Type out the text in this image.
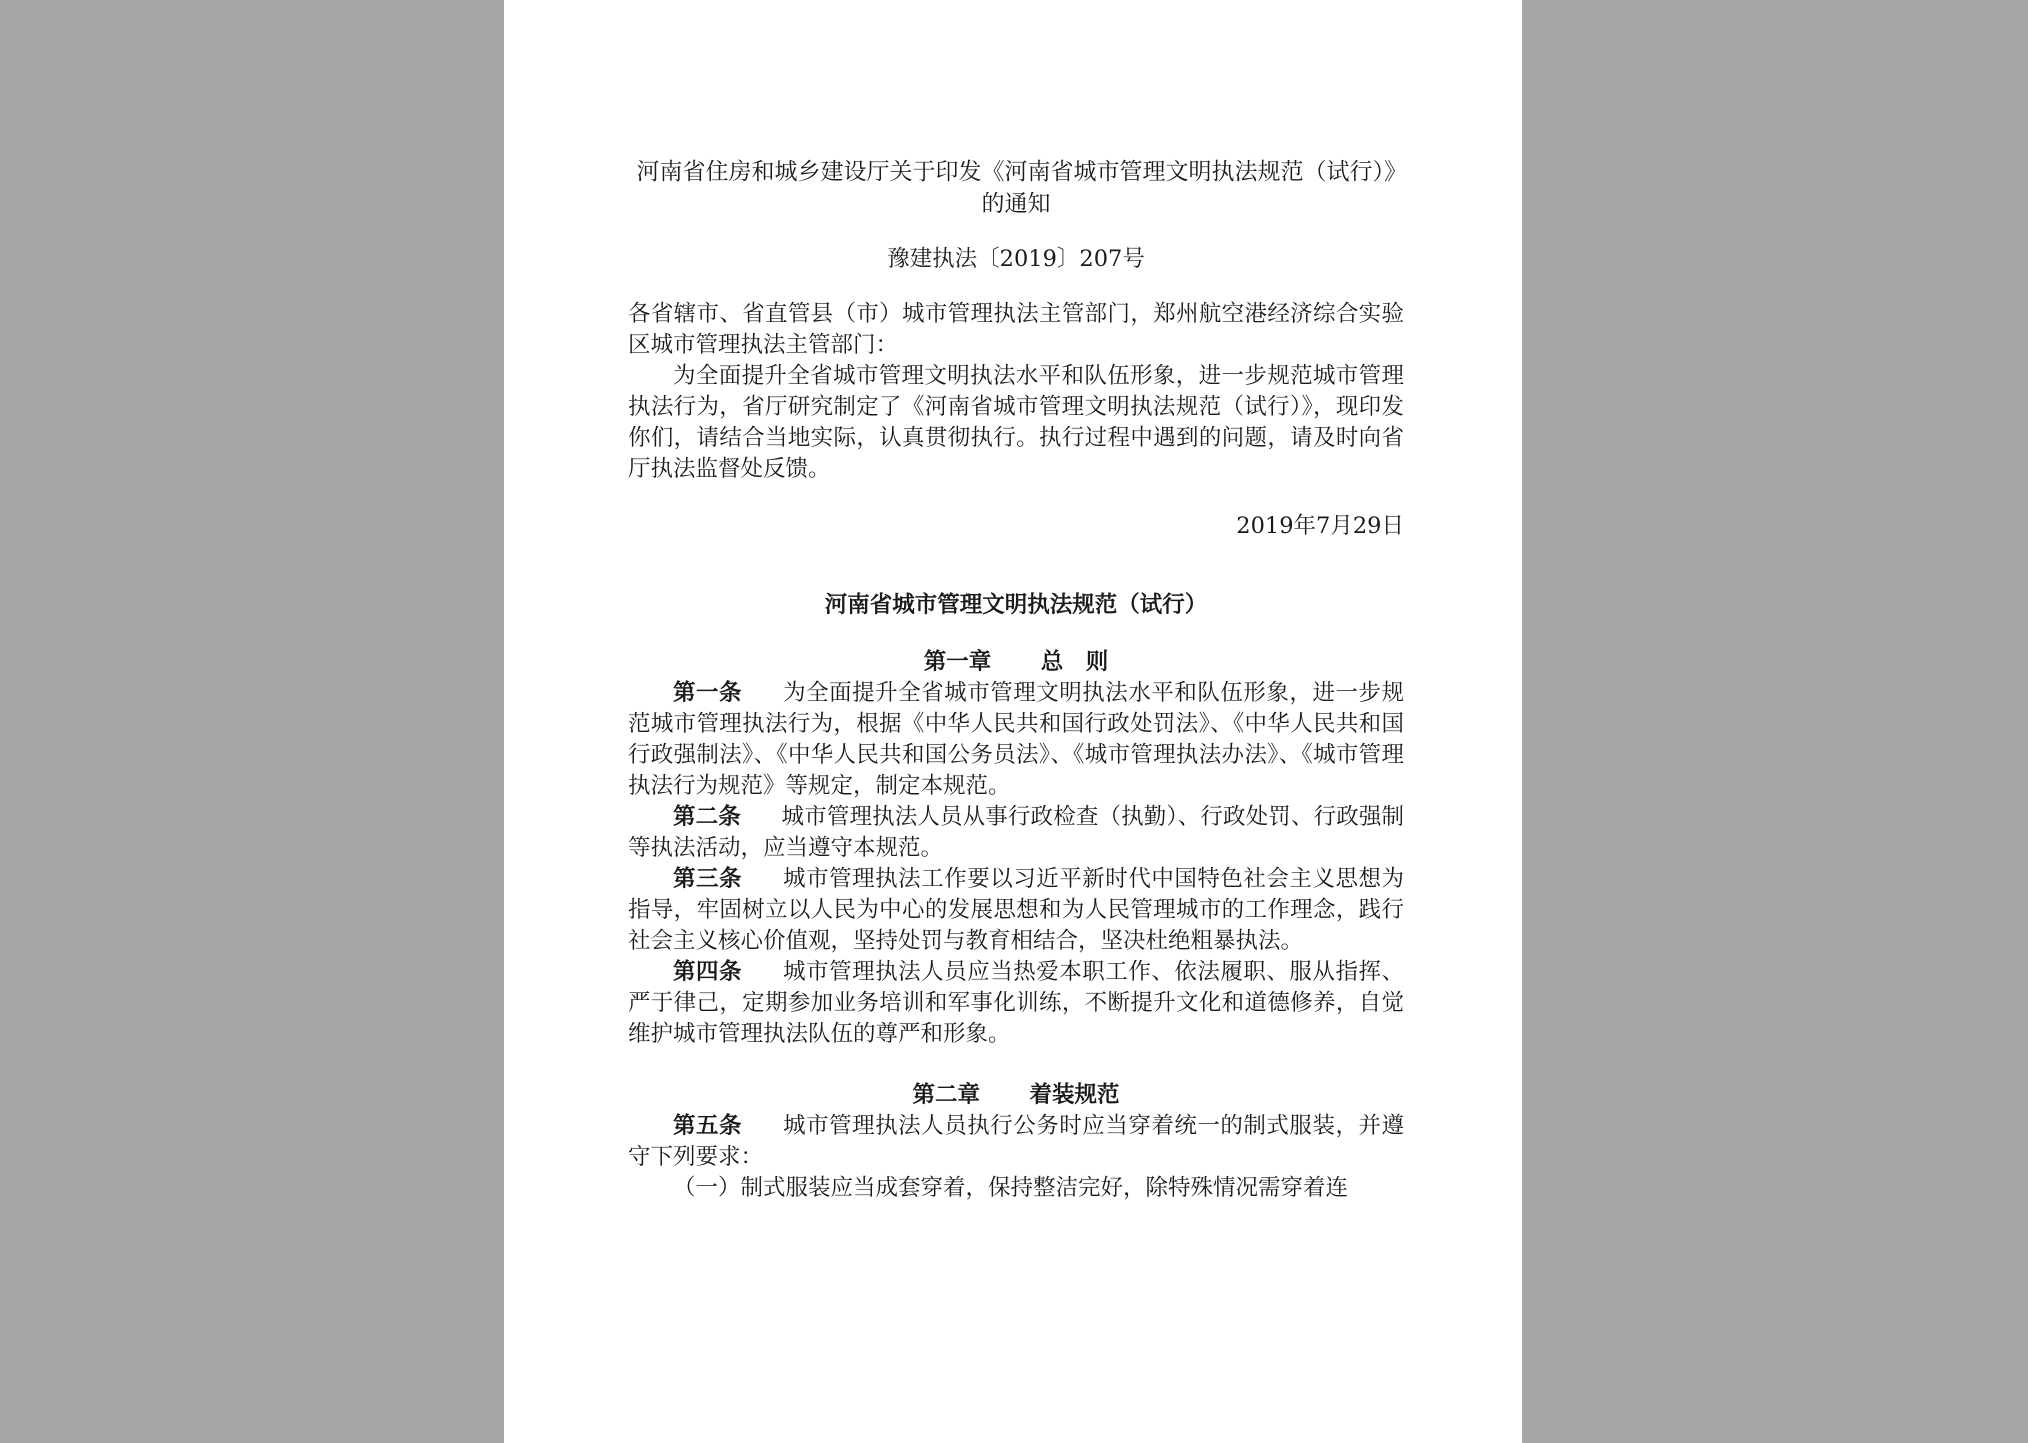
河南省住房和城乡建设厅关于印发《河南省城市管理文明执法规范（试行）》的通知
豫建执法〔2019〕207号
各省辖市、省直管县（市）城市管理执法主管部门，郑州航空港经济综合实验区城市管理执法主管部门：

为全面提升全省城市管理文明执法水平和队伍形象，进一步规范城市管理执法行为，省厅研究制定了《河南省城市管理文明执法规范（试行）》，现印发你们，请结合当地实际，认真贯彻执行。执行过程中遇到的问题，请及时向省厅执法监督处反馈。

2019年7月29日
河南省城市管理文明执法规范（试行）
第一章 总　则

第一条 为全面提升全省城市管理文明执法水平和队伍形象，进一步规范城市管理执法行为，根据《中华人民共和国行政处罚法》、《中华人民共和国行政强制法》、《中华人民共和国公务员法》、《城市管理执法办法》、《城市管理执法行为规范》等规定，制定本规范。

第二条 城市管理执法人员从事行政检查（执勤）、行政处罚、行政强制等执法活动，应当遵守本规范。

第三条 城市管理执法工作要以习近平新时代中国特色社会主义思想为指导，牢固树立以人民为中心的发展思想和为人民管理城市的工作理念，践行社会主义核心价值观，坚持处罚与教育相结合，坚决杜绝粗暴执法。

第四条 城市管理执法人员应当热爱本职工作、依法履职、服从指挥、严于律己，定期参加业务培训和军事化训练，不断提升文化和道德修养，自觉维护城市管理执法队伍的尊严和形象。

第二章 着装规范

第五条 城市管理执法人员执行公务时应当穿着统一的制式服装，并遵守下列要求：

（一）制式服装应当成套穿着，保持整洁完好，除特殊情况需穿着连
